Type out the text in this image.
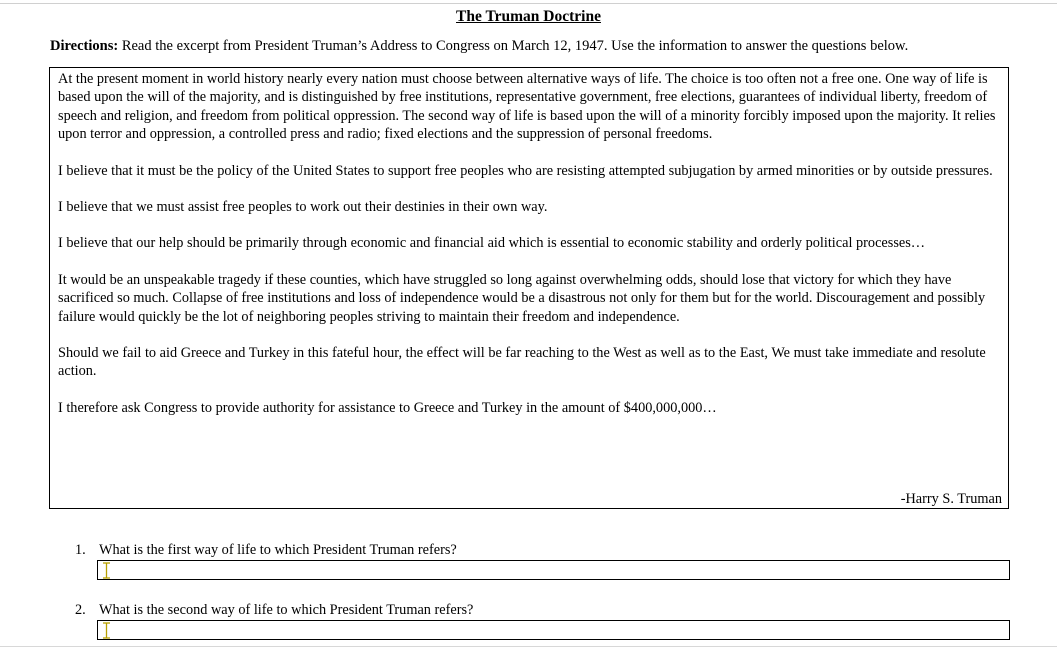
The Truman Doctrine
Directions: Read the excerpt from President Truman’s Address to Congress on March 12, 1947. Use the information to answer the questions below.

At the present moment in world history nearly every nation must choose between alternative ways of life. The choice is too often not a free one. One way of life is based upon the will of the majority, and is distinguished by free institutions, representative government, free elections, guarantees of individual liberty, freedom of speech and religion, and freedom from political oppression. The second way of life is based upon the will of a minority forcibly imposed upon the majority. It relies upon terror and oppression, a controlled press and radio; fixed elections and the suppression of personal freedoms.

I believe that it must be the policy of the United States to support free peoples who are resisting attempted subjugation by armed minorities or by outside pressures.

I believe that we must assist free peoples to work out their destinies in their own way.

I believe that our help should be primarily through economic and financial aid which is essential to economic stability and orderly political processes…

It would be an unspeakable tragedy if these counties, which have struggled so long against overwhelming odds, should lose that victory for which they have sacrificed so much. Collapse of free institutions and loss of independence would be a disastrous not only for them but for the world. Discouragement and possibly failure would quickly be the lot of neighboring peoples striving to maintain their freedom and independence.

Should we fail to aid Greece and Turkey in this fateful hour, the effect will be far reaching to the West as well as to the East, We must take immediate and resolute action.

I therefore ask Congress to provide authority for assistance to Greece and Turkey in the amount of $400,000,000…

-Harry S. Truman
1. What is the first way of life to which President Truman refers?
2. What is the second way of life to which President Truman refers?
